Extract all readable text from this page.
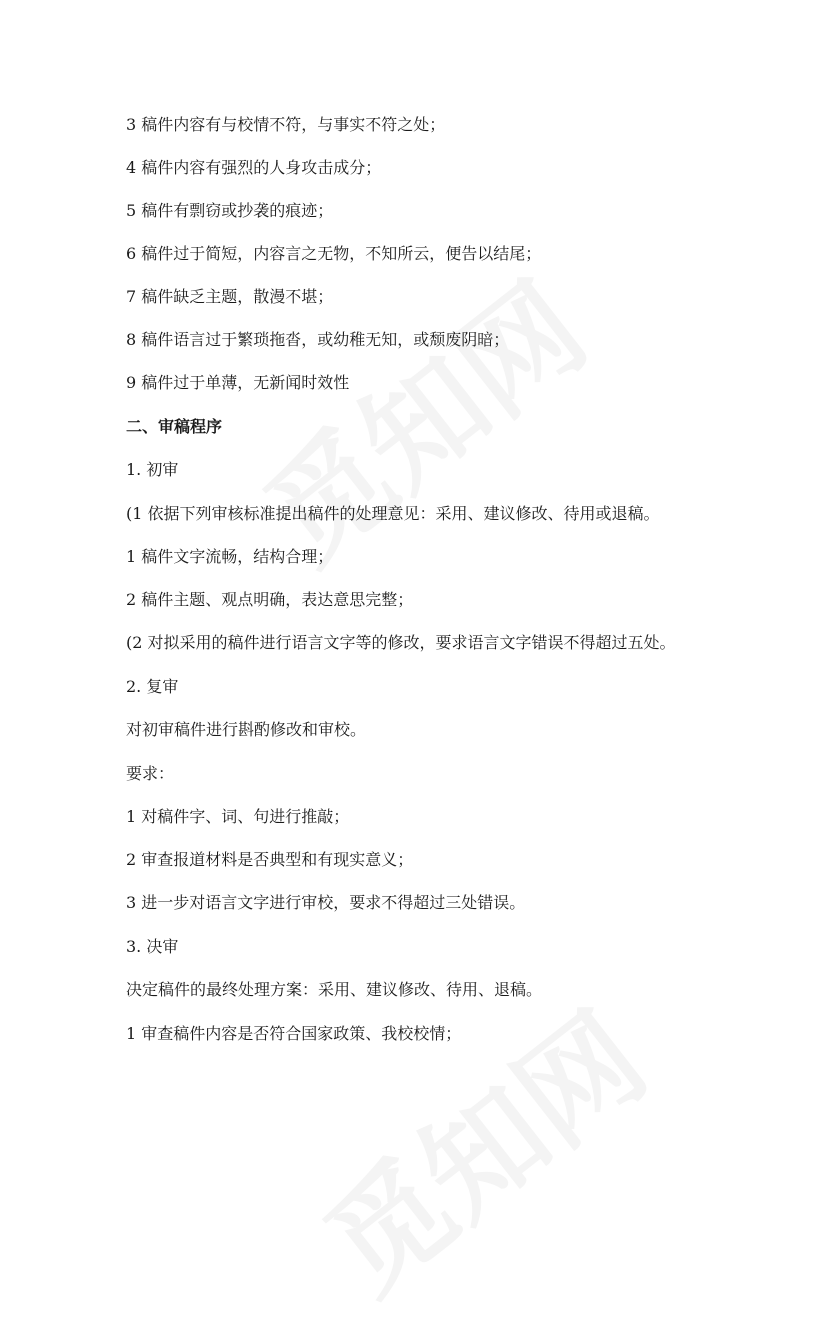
3 稿件内容有与校情不符，与事实不符之处；
4 稿件内容有强烈的人身攻击成分；
5 稿件有剽窃或抄袭的痕迹；
6 稿件过于简短，内容言之无物，不知所云，便告以结尾；
7 稿件缺乏主题，散漫不堪；
8 稿件语言过于繁琐拖沓，或幼稚无知，或颓废阴暗；
9 稿件过于单薄，无新闻时效性
二、审稿程序
1. 初审
(1 依据下列审核标准提出稿件的处理意见：采用、建议修改、待用或退稿。
1 稿件文字流畅，结构合理；
2 稿件主题、观点明确，表达意思完整；
(2 对拟采用的稿件进行语言文字等的修改，要求语言文字错误不得超过五处。
2. 复审
对初审稿件进行斟酌修改和审校。
要求：
1 对稿件字、词、句进行推敲；
2 审查报道材料是否典型和有现实意义；
3 进一步对语言文字进行审校，要求不得超过三处错误。
3. 决审
决定稿件的最终处理方案：采用、建议修改、待用、退稿。
1 审查稿件内容是否符合国家政策、我校校情；
